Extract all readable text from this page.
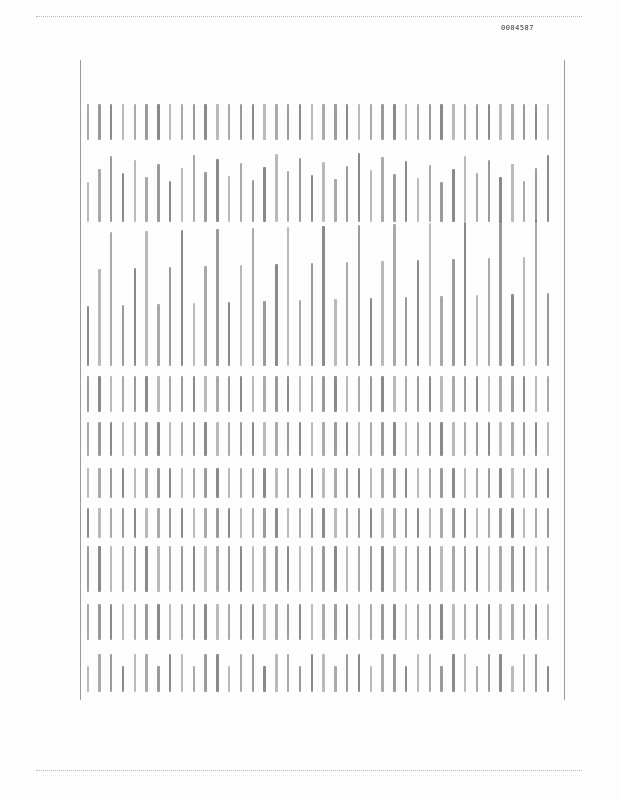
0004587
